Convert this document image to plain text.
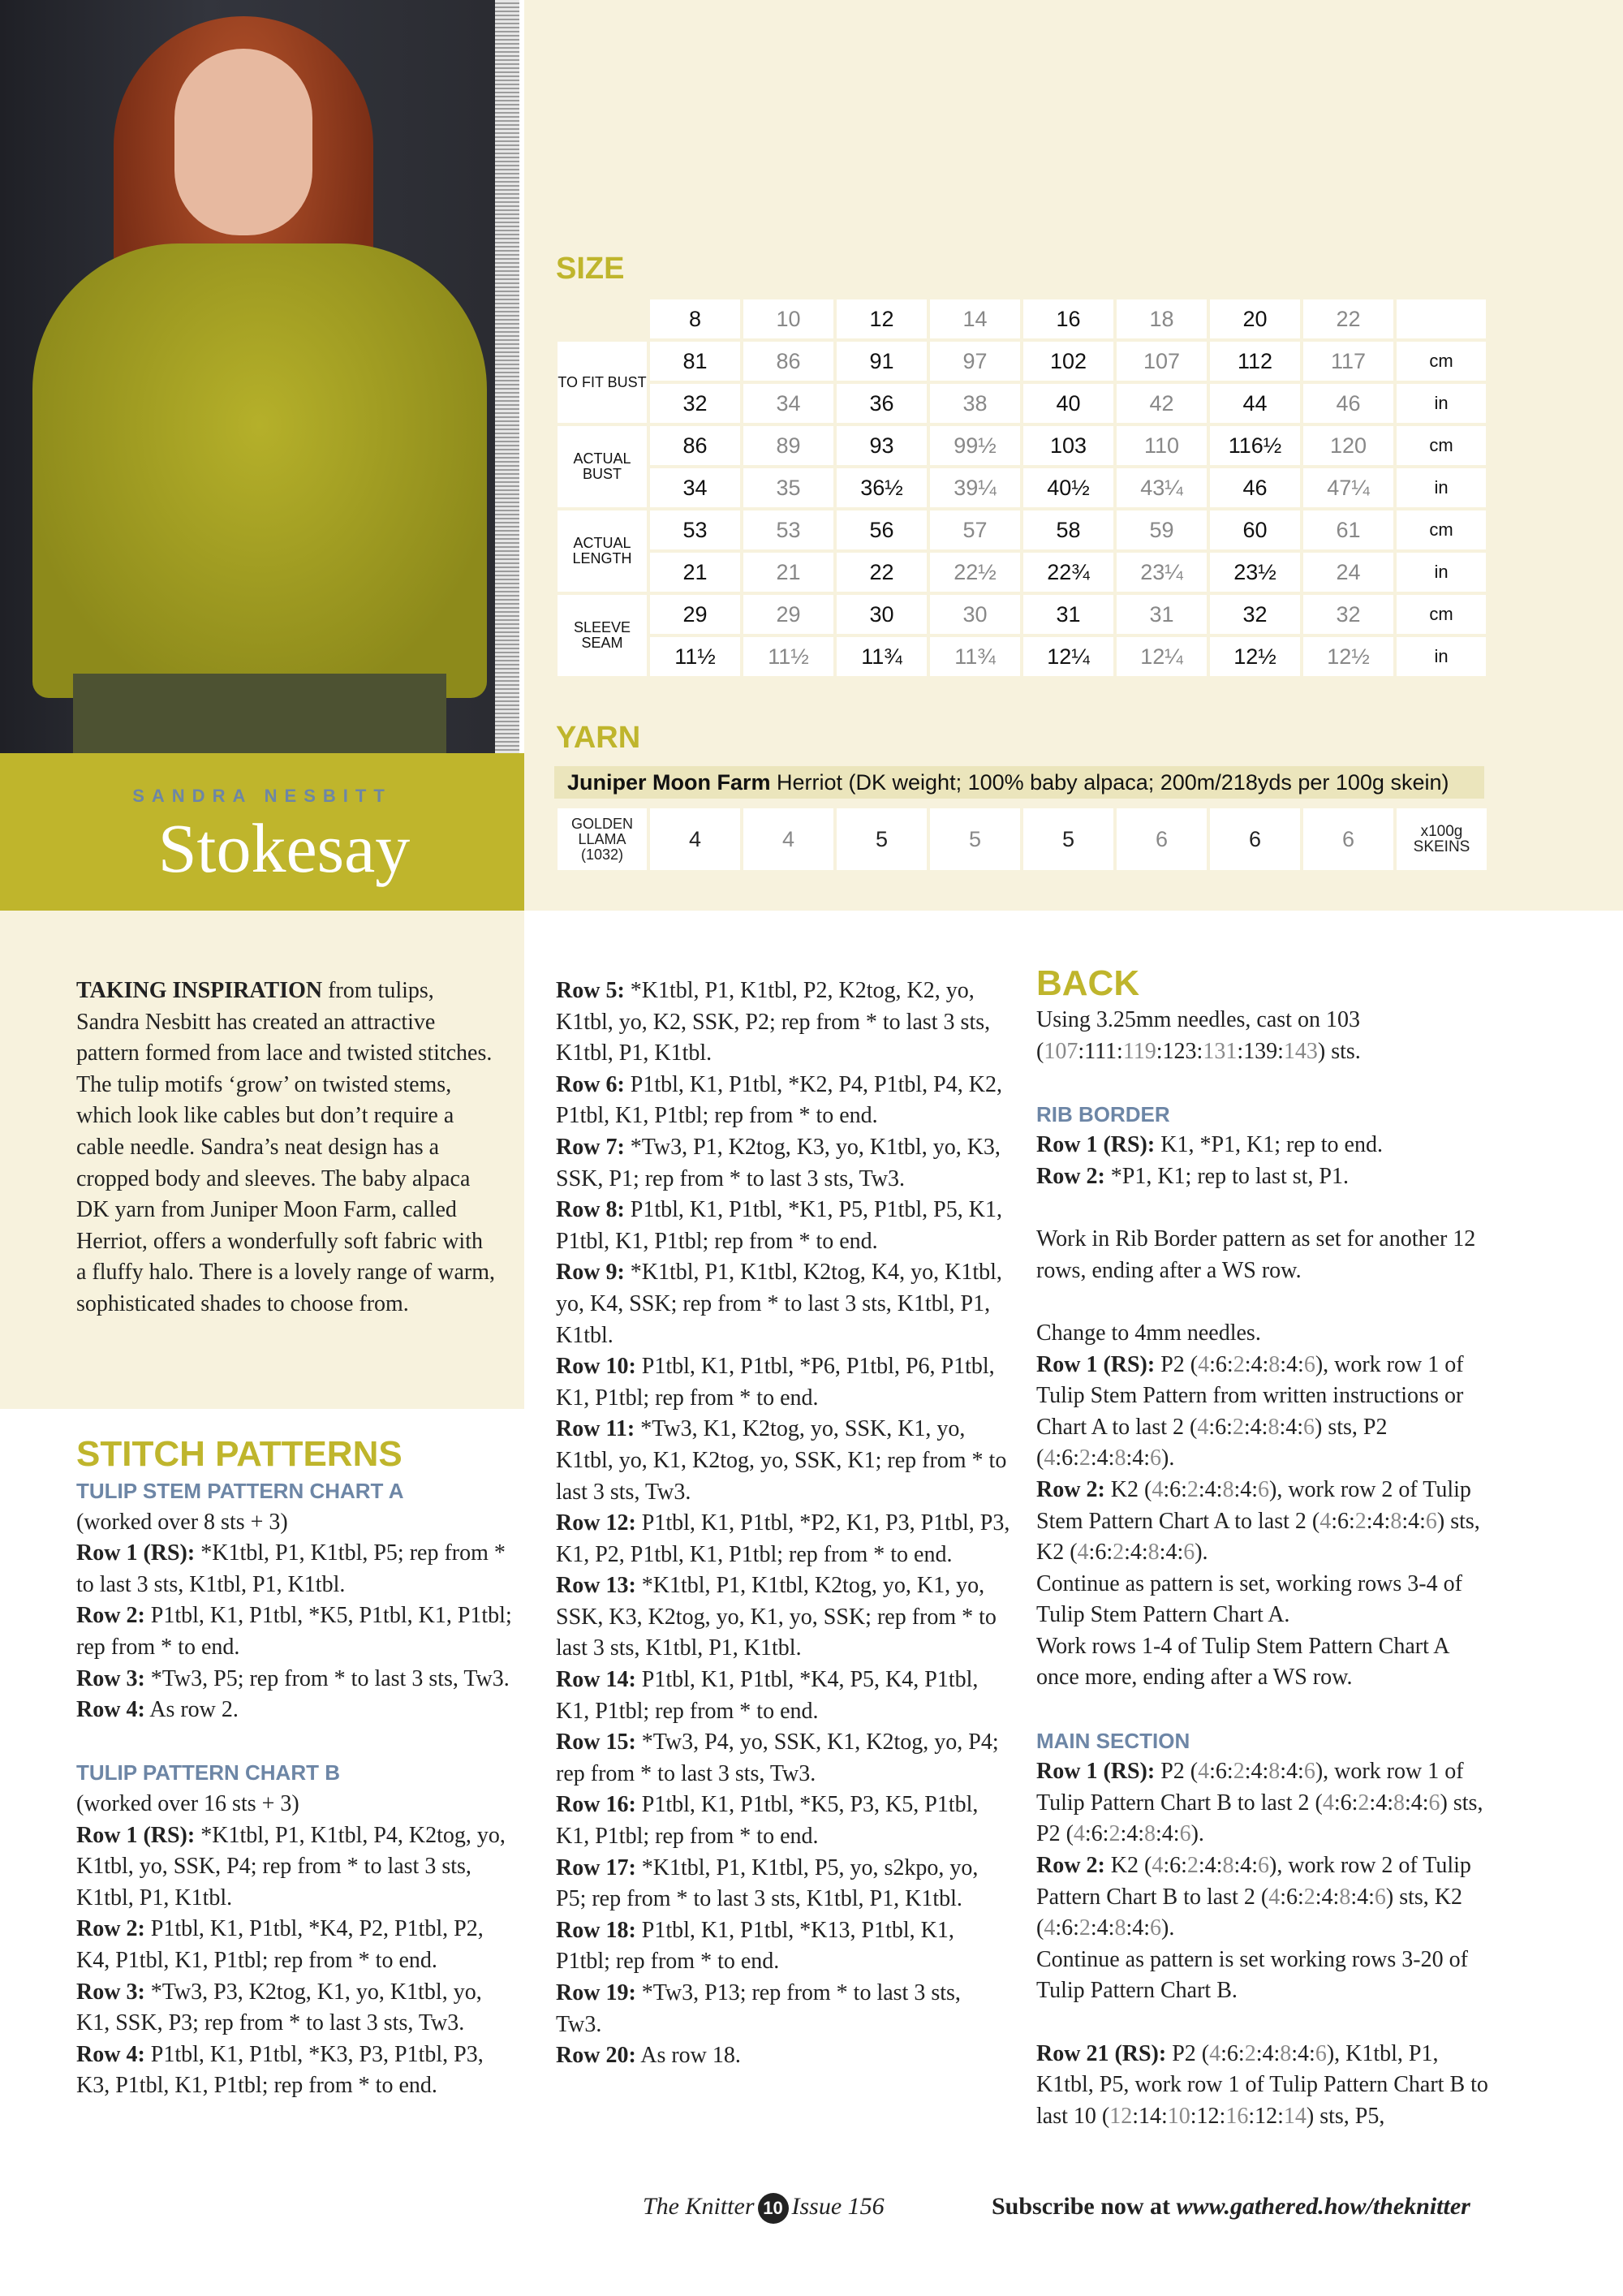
SANDRA NESBITT
Stokesay
SIZE
	8	10	12	14	16	18	20	22	
TO FIT BUST	81	86	91	97	102	107	112	117	cm
	32	34	36	38	40	42	44	46	in
ACTUAL BUST	86	89	93	99½	103	110	116½	120	cm
	34	35	36½	39¼	40½	43¼	46	47¼	in
ACTUAL LENGTH	53	53	56	57	58	59	60	61	cm
	21	21	22	22½	22¾	23¼	23½	24	in
SLEEVE SEAM	29	29	30	30	31	31	32	32	cm
	11½	11½	11¾	11¾	12¼	12¼	12½	12½	in
YARN
Juniper Moon Farm Herriot (DK weight; 100% baby alpaca; 200m/218yds per 100g skein)
GOLDEN LLAMA (1032)	4	4	5	5	5	6	6	6	x100g SKEINS
TAKING INSPIRATION from tulips, Sandra Nesbitt has created an attractive pattern formed from lace and twisted stitches. The tulip motifs ‘grow’ on twisted stems, which look like cables but don’t require a cable needle. Sandra’s neat design has a cropped body and sleeves. The baby alpaca DK yarn from Juniper Moon Farm, called Herriot, offers a wonderfully soft fabric with a fluffy halo. There is a lovely range of warm, sophisticated shades to choose from.
STITCH PATTERNS
TULIP STEM PATTERN CHART A

(worked over 8 sts + 3)

Row 1 (RS): *K1tbl, P1, K1tbl, P5; rep from * to last 3 sts, K1tbl, P1, K1tbl.

Row 2: P1tbl, K1, P1tbl, *K5, P1tbl, K1, P1tbl; rep from * to end.

Row 3: *Tw3, P5; rep from * to last 3 sts, Tw3.

Row 4: As row 2.

TULIP PATTERN CHART B

(worked over 16 sts + 3)

Row 1 (RS): *K1tbl, P1, K1tbl, P4, K2tog, yo, K1tbl, yo, SSK, P4; rep from * to last 3 sts, K1tbl, P1, K1tbl.

Row 2: P1tbl, K1, P1tbl, *K4, P2, P1tbl, P2, K4, P1tbl, K1, P1tbl; rep from * to end.

Row 3: *Tw3, P3, K2tog, K1, yo, K1tbl, yo, K1, SSK, P3; rep from * to last 3 sts, Tw3.

Row 4: P1tbl, K1, P1tbl, *K3, P3, P1tbl, P3, K3, P1tbl, K1, P1tbl; rep from * to end.

Row 5: *K1tbl, P1, K1tbl, P2, K2tog, K2, yo, K1tbl, yo, K2, SSK, P2; rep from * to last 3 sts, K1tbl, P1, K1tbl.

Row 6: P1tbl, K1, P1tbl, *K2, P4, P1tbl, P4, K2, P1tbl, K1, P1tbl; rep from * to end.

Row 7: *Tw3, P1, K2tog, K3, yo, K1tbl, yo, K3, SSK, P1; rep from * to last 3 sts, Tw3.

Row 8: P1tbl, K1, P1tbl, *K1, P5, P1tbl, P5, K1, P1tbl, K1, P1tbl; rep from * to end.

Row 9: *K1tbl, P1, K1tbl, K2tog, K4, yo, K1tbl, yo, K4, SSK; rep from * to last 3 sts, K1tbl, P1, K1tbl.

Row 10: P1tbl, K1, P1tbl, *P6, P1tbl, P6, P1tbl, K1, P1tbl; rep from * to end.

Row 11: *Tw3, K1, K2tog, yo, SSK, K1, yo, K1tbl, yo, K1, K2tog, yo, SSK, K1; rep from * to last 3 sts, Tw3.

Row 12: P1tbl, K1, P1tbl, *P2, K1, P3, P1tbl, P3, K1, P2, P1tbl, K1, P1tbl; rep from * to end.

Row 13: *K1tbl, P1, K1tbl, K2tog, yo, K1, yo, SSK, K3, K2tog, yo, K1, yo, SSK; rep from * to last 3 sts, K1tbl, P1, K1tbl.

Row 14: P1tbl, K1, P1tbl, *K4, P5, K4, P1tbl, K1, P1tbl; rep from * to end.

Row 15: *Tw3, P4, yo, SSK, K1, K2tog, yo, P4; rep from * to last 3 sts, Tw3.

Row 16: P1tbl, K1, P1tbl, *K5, P3, K5, P1tbl, K1, P1tbl; rep from * to end.

Row 17: *K1tbl, P1, K1tbl, P5, yo, s2kpo, yo, P5; rep from * to last 3 sts, K1tbl, P1, K1tbl.

Row 18: P1tbl, K1, P1tbl, *K13, P1tbl, K1, P1tbl; rep from * to end.

Row 19: *Tw3, P13; rep from * to last 3 sts, Tw3.

Row 20: As row 18.

BACK

Using 3.25mm needles, cast on 103 (107:111:119:123:131:139:143) sts.

RIB BORDER

Row 1 (RS): K1, *P1, K1; rep to end.

Row 2: *P1, K1; rep to last st, P1.

Work in Rib Border pattern as set for another 12 rows, ending after a WS row.

Change to 4mm needles.

Row 1 (RS): P2 (4:6:2:4:8:4:6), work row 1 of Tulip Stem Pattern from written instructions or Chart A to last 2 (4:6:2:4:8:4:6) sts, P2 (4:6:2:4:8:4:6).

Row 2: K2 (4:6:2:4:8:4:6), work row 2 of Tulip Stem Pattern Chart A to last 2 (4:6:2:4:8:4:6) sts, K2 (4:6:2:4:8:4:6).

Continue as pattern is set, working rows 3-4 of Tulip Stem Pattern Chart A.

Work rows 1-4 of Tulip Stem Pattern Chart A once more, ending after a WS row.

MAIN SECTION

Row 1 (RS): P2 (4:6:2:4:8:4:6), work row 1 of Tulip Pattern Chart B to last 2 (4:6:2:4:8:4:6) sts, P2 (4:6:2:4:8:4:6).

Row 2: K2 (4:6:2:4:8:4:6), work row 2 of Tulip Pattern Chart B to last 2 (4:6:2:4:8:4:6) sts, K2 (4:6:2:4:8:4:6).

Continue as pattern is set working rows 3-20 of Tulip Pattern Chart B.

Row 21 (RS): P2 (4:6:2:4:8:4:6), K1tbl, P1, K1tbl, P5, work row 1 of Tulip Pattern Chart B to last 10 (12:14:10:12:16:12:14) sts, P5,

The Knitter 10 Issue 156	Subscribe now at www.gathered.how/theknitter
